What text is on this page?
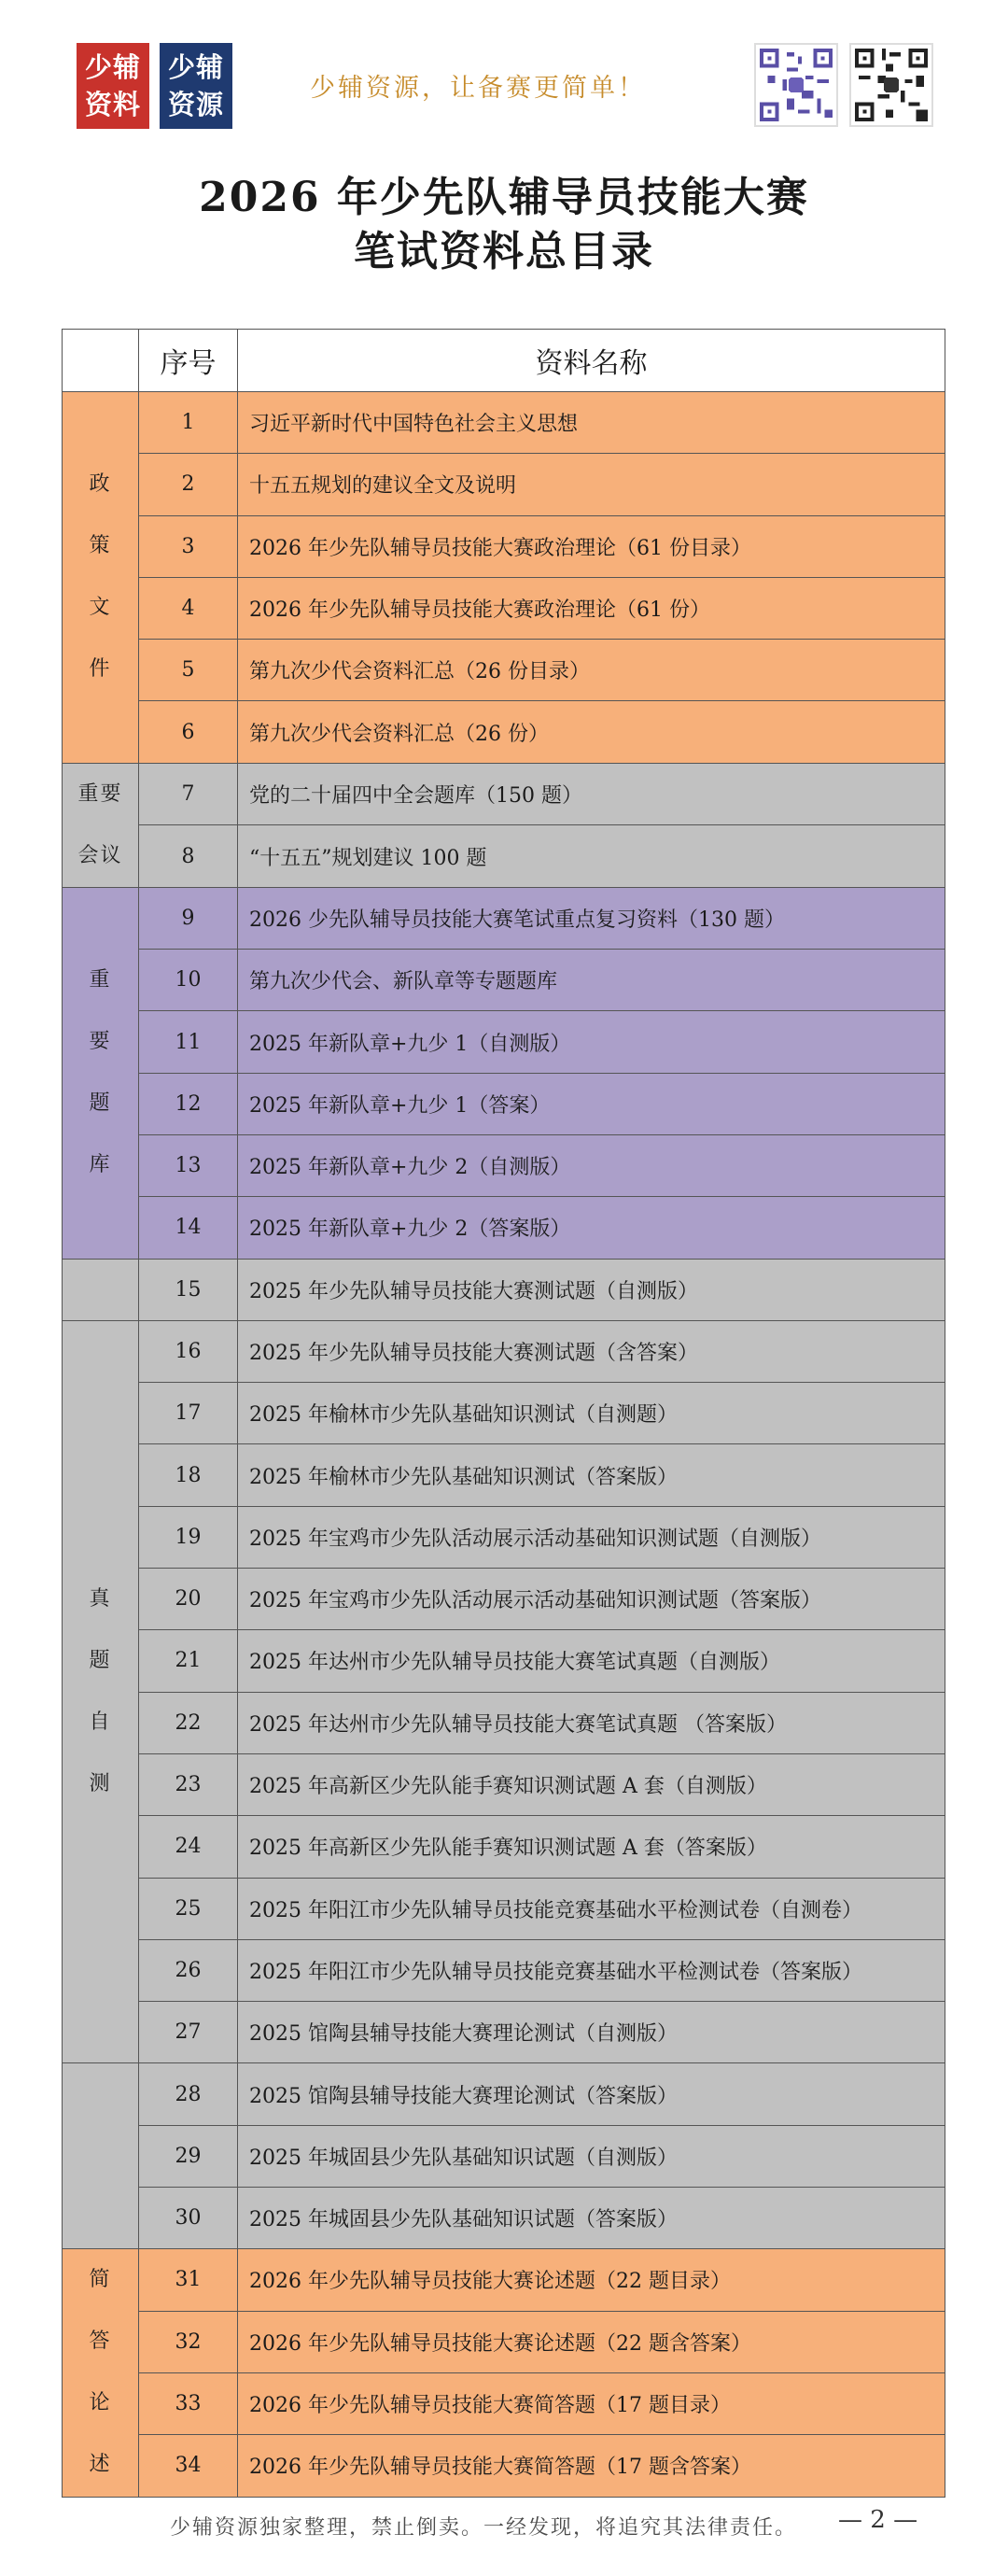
少辅
资料
少辅
资源
少辅资源，让备赛更简单！
2026 年少先队辅导员技能大赛
笔试资料总目录
	序号	资料名称

政
策
文
件	1	习近平新时代中国特色社会主义思想
	2	十五五规划的建议全文及说明
	3	2026 年少先队辅导员技能大赛政治理论（61 份目录）
	4	2026 年少先队辅导员技能大赛政治理论（61 份）
	5	第九次少代会资料汇总（26 份目录）
	6	第九次少代会资料汇总（26 份）

重要
会议	7	党的二十届四中全会题库（150 题）
	8	“十五五”规划建议 100 题

重
要
题
库	9	2026 少先队辅导员技能大赛笔试重点复习资料（130 题）
	10	第九次少代会、新队章等专题题库
	11	2025 年新队章+九少 1（自测版）
	12	2025 年新队章+九少 1（答案）
	13	2025 年新队章+九少 2（自测版）
	14	2025 年新队章+九少 2（答案版）
	15	2025 年少先队辅导员技能大赛测试题（自测版）

真
题
自
测	16	2025 年少先队辅导员技能大赛测试题（含答案）
	17	2025 年榆林市少先队基础知识测试（自测题）
	18	2025 年榆林市少先队基础知识测试（答案版）
	19	2025 年宝鸡市少先队活动展示活动基础知识测试题（自测版）
	20	2025 年宝鸡市少先队活动展示活动基础知识测试题（答案版）
	21	2025 年达州市少先队辅导员技能大赛笔试真题（自测版）
	22	2025 年达州市少先队辅导员技能大赛笔试真题 （答案版）
	23	2025 年高新区少先队能手赛知识测试题 A 套（自测版）
	24	2025 年高新区少先队能手赛知识测试题 A 套（答案版）
	25	2025 年阳江市少先队辅导员技能竞赛基础水平检测试卷（自测卷）
	26	2025 年阳江市少先队辅导员技能竞赛基础水平检测试卷（答案版）
	27	2025 馆陶县辅导技能大赛理论测试（自测版）
	28	2025 馆陶县辅导技能大赛理论测试（答案版）
	29	2025 年城固县少先队基础知识试题（自测版）
	30	2025 年城固县少先队基础知识试题（答案版）

简
答
论
述	31	2026 年少先队辅导员技能大赛论述题（22 题目录）
	32	2026 年少先队辅导员技能大赛论述题（22 题含答案）
	33	2026 年少先队辅导员技能大赛简答题（17 题目录）
	34	2026 年少先队辅导员技能大赛简答题（17 题含答案）
少辅资源独家整理，禁止倒卖。一经发现，将追究其法律责任。 — 2 —
